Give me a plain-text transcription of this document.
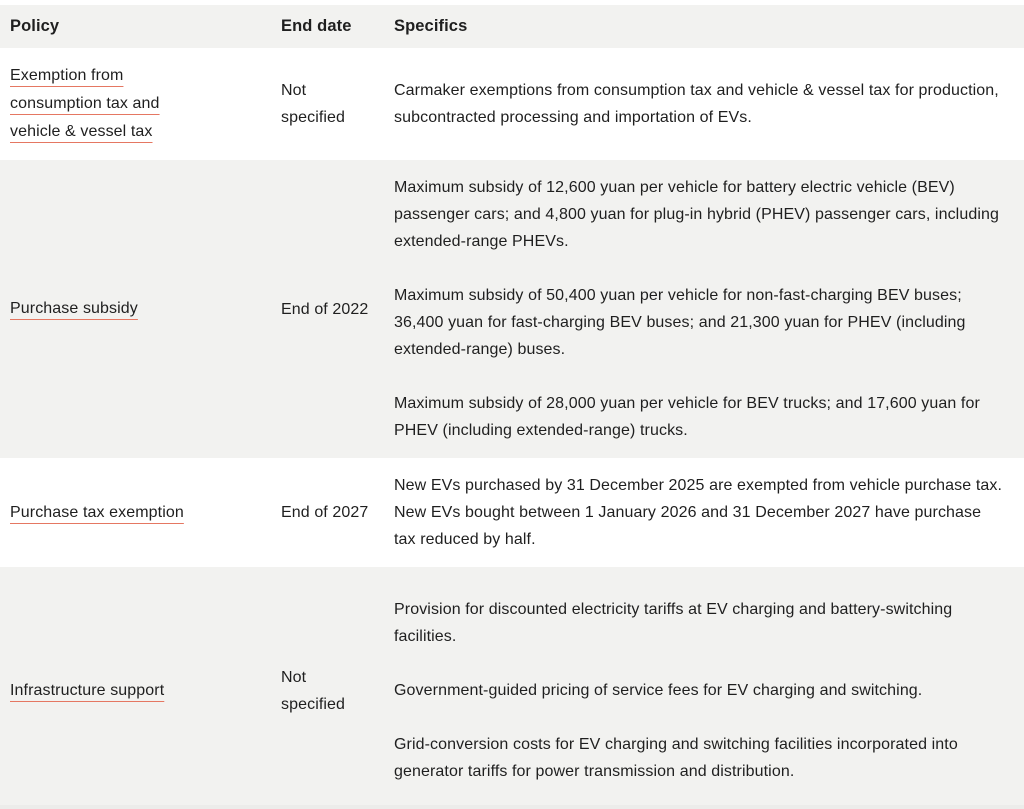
Policy	End date	Specifics
Exemption from consumption tax and vehicle & vessel tax	Not specified	Carmaker exemptions from consumption tax and vehicle & vessel tax for production, subcontracted processing and importation of EVs.

Purchase subsidy	End of 2022	Maximum subsidy of 12,600 yuan per vehicle for battery electric vehicle (BEV) passenger cars; and 4,800 yuan for plug-in hybrid (PHEV) passenger cars, including extended-range PHEVs.

Maximum subsidy of 50,400 yuan per vehicle for non-fast-charging BEV buses; 36,400 yuan for fast-charging BEV buses; and 21,300 yuan for PHEV (including extended-range) buses.

Maximum subsidy of 28,000 yuan per vehicle for BEV trucks; and 17,600 yuan for PHEV (including extended-range) trucks.

Purchase tax exemption	End of 2027	New EVs purchased by 31 December 2025 are exempted from vehicle purchase tax. New EVs bought between 1 January 2026 and 31 December 2027 have purchase tax reduced by half.

Infrastructure support	Not specified	Provision for discounted electricity tariffs at EV charging and battery-switching facilities.

Government-guided pricing of service fees for EV charging and switching.

Grid-conversion costs for EV charging and switching facilities incorporated into generator tariffs for power transmission and distribution.
